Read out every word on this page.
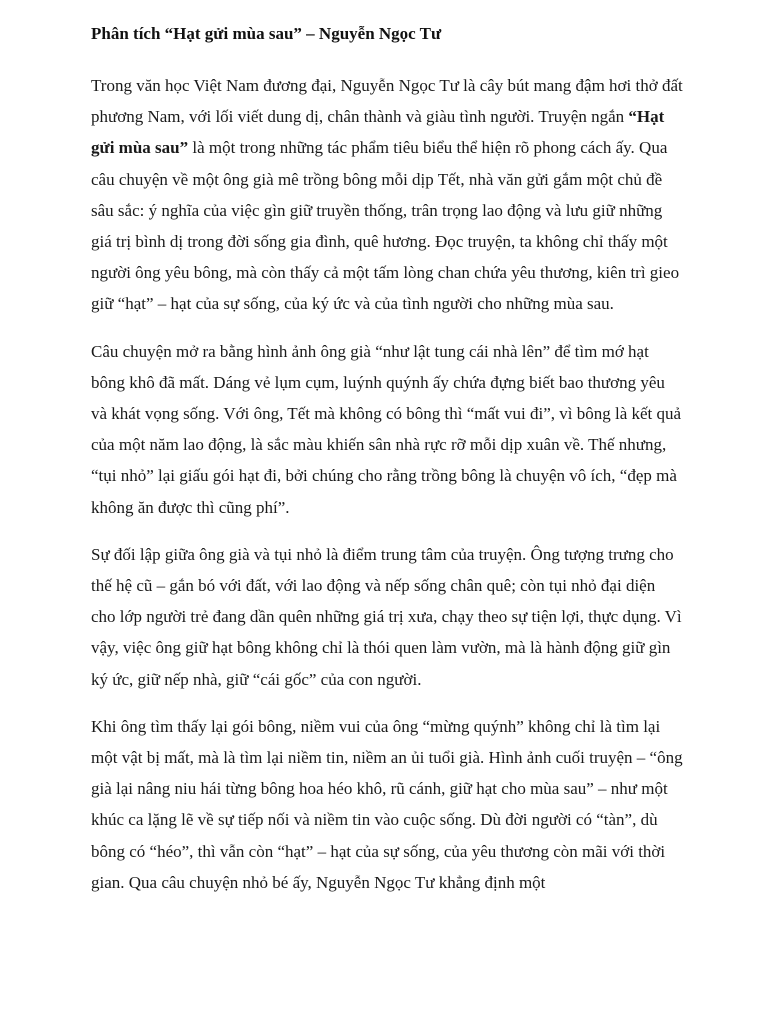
Phân tích “Hạt gửi mùa sau” – Nguyễn Ngọc Tư

Trong văn học Việt Nam đương đại, Nguyễn Ngọc Tư là cây bút mang đậm hơi thở đất phương Nam, với lối viết dung dị, chân thành và giàu tình người. Truyện ngắn “Hạt gửi mùa sau” là một trong những tác phẩm tiêu biểu thể hiện rõ phong cách ấy. Qua câu chuyện về một ông già mê trồng bông mỗi dịp Tết, nhà văn gửi gắm một chủ đề sâu sắc: ý nghĩa của việc gìn giữ truyền thống, trân trọng lao động và lưu giữ những giá trị bình dị trong đời sống gia đình, quê hương. Đọc truyện, ta không chỉ thấy một người ông yêu bông, mà còn thấy cả một tấm lòng chan chứa yêu thương, kiên trì gieo giữ “hạt” – hạt của sự sống, của ký ức và của tình người cho những mùa sau.

Câu chuyện mở ra bằng hình ảnh ông già “như lật tung cái nhà lên” để tìm mớ hạt bông khô đã mất. Dáng vẻ lụm cụm, luýnh quýnh ấy chứa đựng biết bao thương yêu và khát vọng sống. Với ông, Tết mà không có bông thì “mất vui đi”, vì bông là kết quả của một năm lao động, là sắc màu khiến sân nhà rực rỡ mỗi dịp xuân về. Thế nhưng, “tụi nhỏ” lại giấu gói hạt đi, bởi chúng cho rằng trồng bông là chuyện vô ích, “đẹp mà không ăn được thì cũng phí”.

Sự đối lập giữa ông già và tụi nhỏ là điểm trung tâm của truyện. Ông tượng trưng cho thế hệ cũ – gắn bó với đất, với lao động và nếp sống chân quê; còn tụi nhỏ đại diện cho lớp người trẻ đang dần quên những giá trị xưa, chạy theo sự tiện lợi, thực dụng. Vì vậy, việc ông giữ hạt bông không chỉ là thói quen làm vườn, mà là hành động giữ gìn ký ức, giữ nếp nhà, giữ “cái gốc” của con người.

Khi ông tìm thấy lại gói bông, niềm vui của ông “mừng quýnh” không chỉ là tìm lại một vật bị mất, mà là tìm lại niềm tin, niềm an ủi tuổi già. Hình ảnh cuối truyện – “ông già lại nâng niu hái từng bông hoa héo khô, rũ cánh, giữ hạt cho mùa sau” – như một khúc ca lặng lẽ về sự tiếp nối và niềm tin vào cuộc sống. Dù đời người có “tàn”, dù bông có “héo”, thì vẫn còn “hạt” – hạt của sự sống, của yêu thương còn mãi với thời gian. Qua câu chuyện nhỏ bé ấy, Nguyễn Ngọc Tư khẳng định một
